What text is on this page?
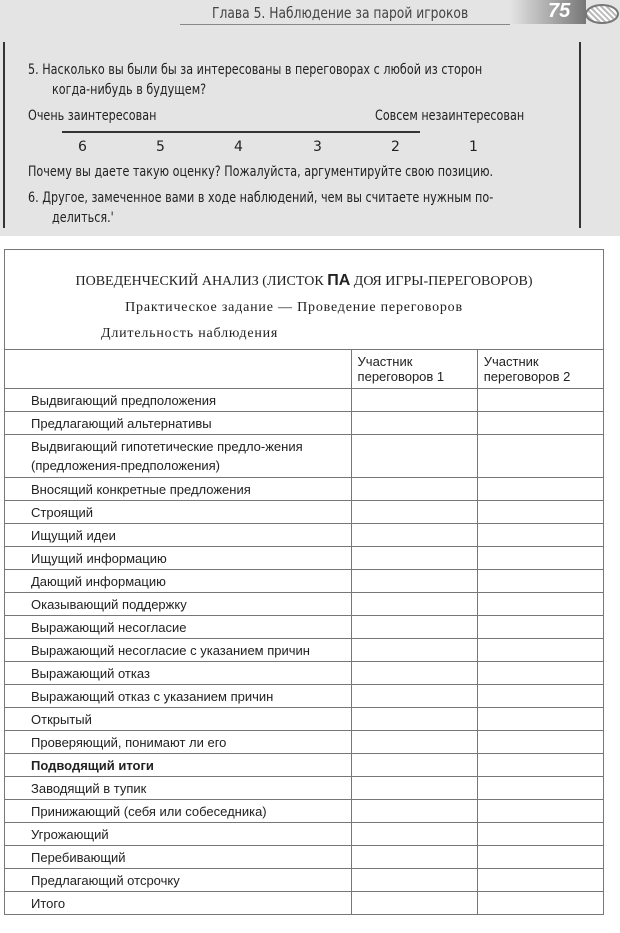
Глава 5. Наблюдение за парой игроков	75
5. Насколько вы были бы за интересованы в переговорах с любой из сторон
когда-нибудь в будущем?
Очень заинтересован	Совсем незаинтересован
6	5	4	3	2	1
Почему вы даете такую оценку? Пожалуйста, аргументируйте свою позицию.
6. Другое, замеченное вами в ходе наблюдений, чем вы считаете нужным по-
делиться.'
ПОВЕДЕНЧЕСКИЙ АНАЛИЗ (ЛИСТОК ПА ДОЯ ИГРЫ-ПЕРЕГОВОРОВ)
Практическое задание — Проведение переговоров
Длительность наблюдения		

	Участник переговоров 1	Участник переговоров 2
Выдвигающий предположения		
Предлагающий альтернативы		
Выдвигающий гипотетические предло-жения (предложения-предположения)		
Вносящий конкретные предложения		
Строящий		
Ищущий идеи		
Ищущий информацию		
Дающий информацию		
Оказывающий поддержку		
Выражающий несогласие		
Выражающий несогласие с указанием причин		
Выражающий отказ		
Выражающий отказ с указанием причин		
Открытый		
Проверяющий, понимают ли его		
Подводящий итоги		
Заводящий в тупик		
Принижающий (себя или собеседника)		
Угрожающий		
Перебивающий		
Предлагающий отсрочку		
Итого		
